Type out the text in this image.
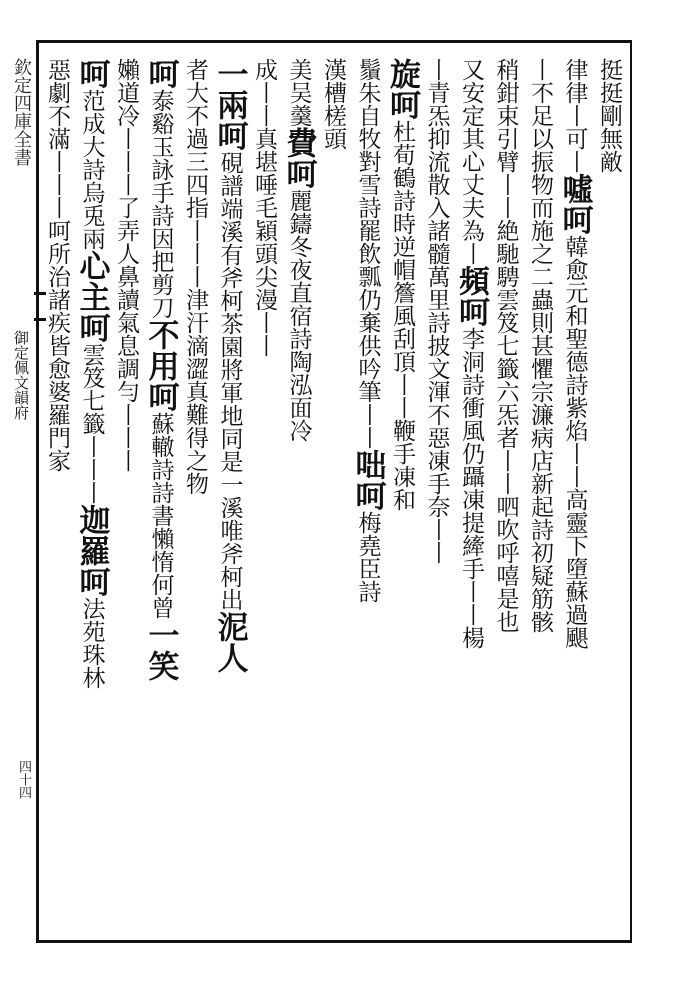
欽定四庫全書
御定佩文韻府
四十四
挺挺剛無敵
律律丨可丨噓呵韓愈元和聖德詩紫焰丨丨高靈下墮蘇過颶
丨不足以振物而施之二蟲則甚懼宗濂病店新起詩初疑筋骸
稍鉗束引臂丨丨絶馳騁雲笈七籤六炁者丨丨呬吹呼嘻是也
又安定其心丈夫為丨頻呵李洞詩衝風仍躡凍提縴手丨丨楊
丨青炁抑流散入諸髓萬里詩披文渾不惡凍手奈丨丨
旋呵杜荀鶴詩時逆帽簷風刮頂丨丨鞭手凍和
鬚朱自牧對雪詩罷飲瓢仍棄供吟筆丨丨咄呵梅堯臣詩
漢槽槎頭
美吴羹費呵麗鑄冬夜直宿詩陶泓面冷
成丨丨真堪唾毛穎頭尖漫丨丨
一兩呵硯譜端溪有斧柯茶園將軍地同是一溪唯斧柯出泥人
者大不過三四指丨丨丨津汗滴澀真難得之物
呵泰谿玉詠手詩因把剪刀不用呵蘇轍詩詩書懶惰何曾一笑
嬾道冷丨丨丨了弄人鼻讀氣息調勻丨丨丨
呵范成大詩烏兎兩心主呵雲笈七籤丨丨丨迦羅呵法苑珠林
惡劇不滿丨丨丨呵所治諸疾皆愈婆羅門家
